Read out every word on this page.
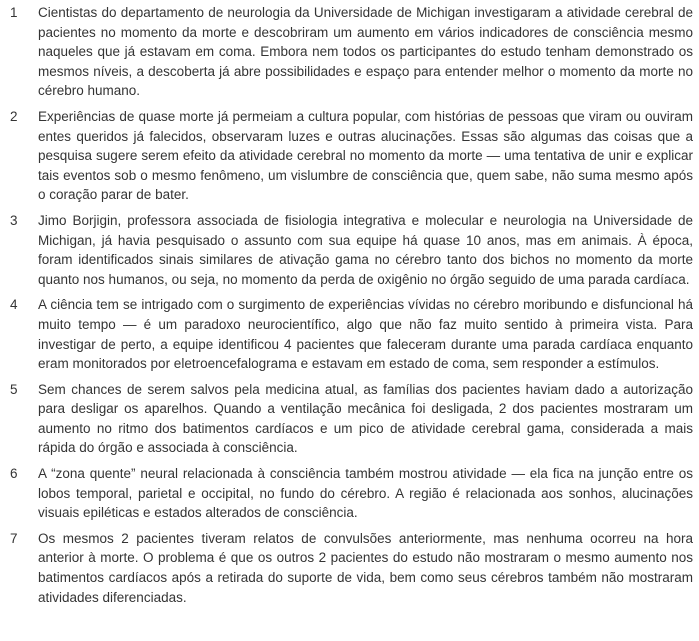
1	Cientistas do departamento de neurologia da Universidade de Michigan investigaram a atividade cerebral de pacientes no momento da morte e descobriram um aumento em vários indicadores de consciência mesmo naqueles que já estavam em coma. Embora nem todos os participantes do estudo tenham demonstrado os mesmos níveis, a descoberta já abre possibilidades e espaço para entender melhor o momento da morte no cérebro humano.
2	Experiências de quase morte já permeiam a cultura popular, com histórias de pessoas que viram ou ouviram entes queridos já falecidos, observaram luzes e outras alucinações. Essas são algumas das coisas que a pesquisa sugere serem efeito da atividade cerebral no momento da morte — uma tentativa de unir e explicar tais eventos sob o mesmo fenômeno, um vislumbre de consciência que, quem sabe, não suma mesmo após o coração parar de bater.
3	Jimo Borjigin, professora associada de fisiologia integrativa e molecular e neurologia na Universidade de Michigan, já havia pesquisado o assunto com sua equipe há quase 10 anos, mas em animais. À época, foram identificados sinais similares de ativação gama no cérebro tanto dos bichos no momento da morte quanto nos humanos, ou seja, no momento da perda de oxigênio no órgão seguido de uma parada cardíaca.
4	A ciência tem se intrigado com o surgimento de experiências vívidas no cérebro moribundo e disfuncional há muito tempo — é um paradoxo neurocientífico, algo que não faz muito sentido à primeira vista. Para investigar de perto, a equipe identificou 4 pacientes que faleceram durante uma parada cardíaca enquanto eram monitorados por eletroencefalograma e estavam em estado de coma, sem responder a estímulos.
5	Sem chances de serem salvos pela medicina atual, as famílias dos pacientes haviam dado a autorização para desligar os aparelhos. Quando a ventilação mecânica foi desligada, 2 dos pacientes mostraram um aumento no ritmo dos batimentos cardíacos e um pico de atividade cerebral gama, considerada a mais rápida do órgão e associada à consciência.
6	A “zona quente” neural relacionada à consciência também mostrou atividade — ela fica na junção entre os lobos temporal, parietal e occipital, no fundo do cérebro. A região é relacionada aos sonhos, alucinações visuais epiléticas e estados alterados de consciência.
7	Os mesmos 2 pacientes tiveram relatos de convulsões anteriormente, mas nenhuma ocorreu na hora anterior à morte. O problema é que os outros 2 pacientes do estudo não mostraram o mesmo aumento nos batimentos cardíacos após a retirada do suporte de vida, bem como seus cérebros também não mostraram atividades diferenciadas.
